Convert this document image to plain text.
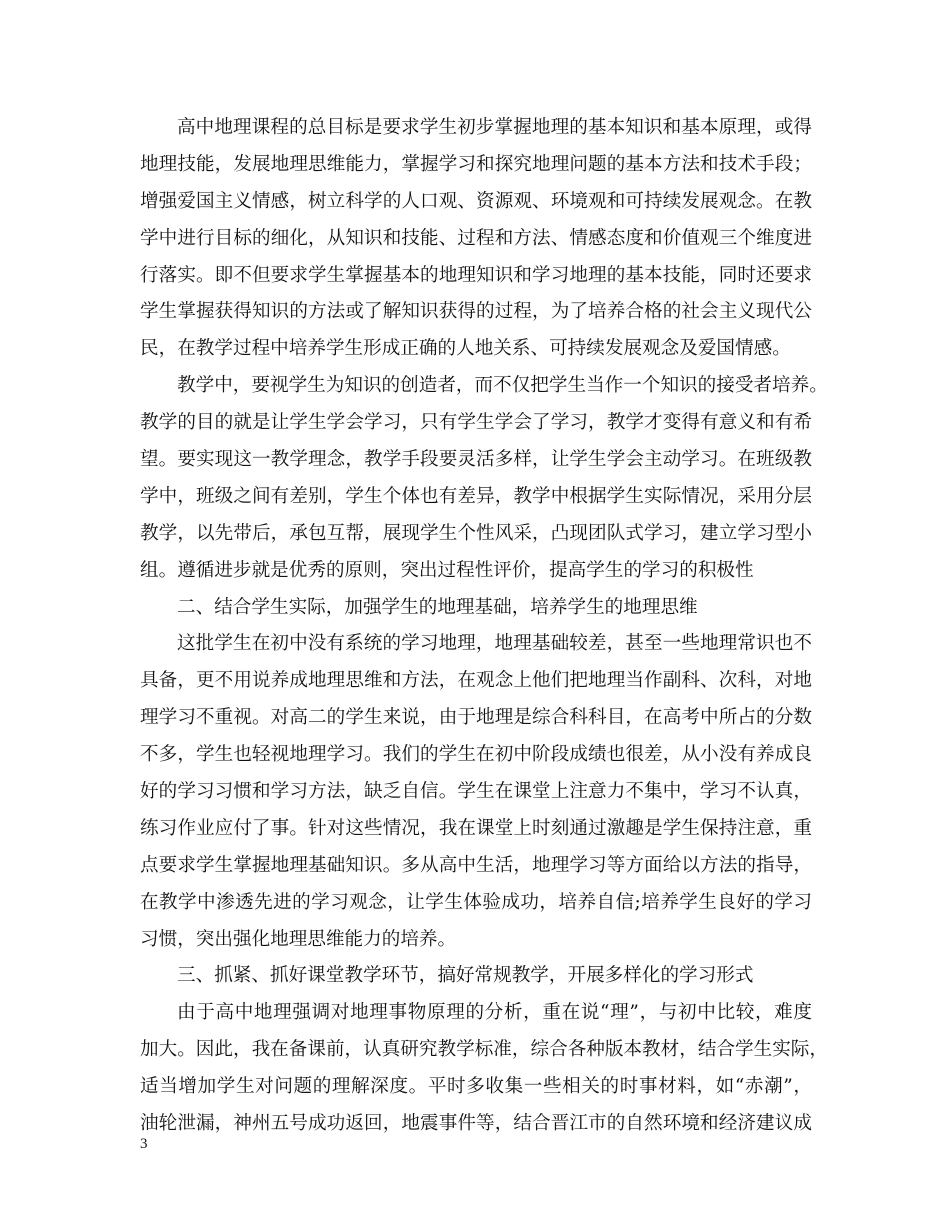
高中地理课程的总目标是要求学生初步掌握地理的基本知识和基本原理，或得
地理技能，发展地理思维能力，掌握学习和探究地理问题的基本方法和技术手段；
增强爱国主义情感，树立科学的人口观、资源观、环境观和可持续发展观念。在教
学中进行目标的细化，从知识和技能、过程和方法、情感态度和价值观三个维度进
行落实。即不但要求学生掌握基本的地理知识和学习地理的基本技能，同时还要求
学生掌握获得知识的方法或了解知识获得的过程，为了培养合格的社会主义现代公
民，在教学过程中培养学生形成正确的人地关系、可持续发展观念及爱国情感。
教学中，要视学生为知识的创造者，而不仅把学生当作一个知识的接受者培养。
教学的目的就是让学生学会学习，只有学生学会了学习，教学才变得有意义和有希
望。要实现这一教学理念，教学手段要灵活多样，让学生学会主动学习。在班级教
学中，班级之间有差别，学生个体也有差异，教学中根据学生实际情况，采用分层
教学，以先带后，承包互帮，展现学生个性风采，凸现团队式学习，建立学习型小
组。遵循进步就是优秀的原则，突出过程性评价，提高学生的学习的积极性
二、结合学生实际，加强学生的地理基础，培养学生的地理思维
这批学生在初中没有系统的学习地理，地理基础较差，甚至一些地理常识也不
具备，更不用说养成地理思维和方法，在观念上他们把地理当作副科、次科，对地
理学习不重视。对高二的学生来说，由于地理是综合科科目，在高考中所占的分数
不多，学生也轻视地理学习。我们的学生在初中阶段成绩也很差，从小没有养成良
好的学习习惯和学习方法，缺乏自信。学生在课堂上注意力不集中，学习不认真，
练习作业应付了事。针对这些情况，我在课堂上时刻通过激趣是学生保持注意，重
点要求学生掌握地理基础知识。多从高中生活，地理学习等方面给以方法的指导，
在教学中渗透先进的学习观念，让学生体验成功，培养自信;培养学生良好的学习
习惯，突出强化地理思维能力的培养。
三、抓紧、抓好课堂教学环节，搞好常规教学，开展多样化的学习形式
由于高中地理强调对地理事物原理的分析，重在说“理”，与初中比较，难度
加大。因此，我在备课前，认真研究教学标准，综合各种版本教材，结合学生实际，
适当增加学生对问题的理解深度。平时多收集一些相关的时事材料，如“赤潮”，
油轮泄漏，神州五号成功返回，地震事件等，结合晋江市的自然环境和经济建议成
3
